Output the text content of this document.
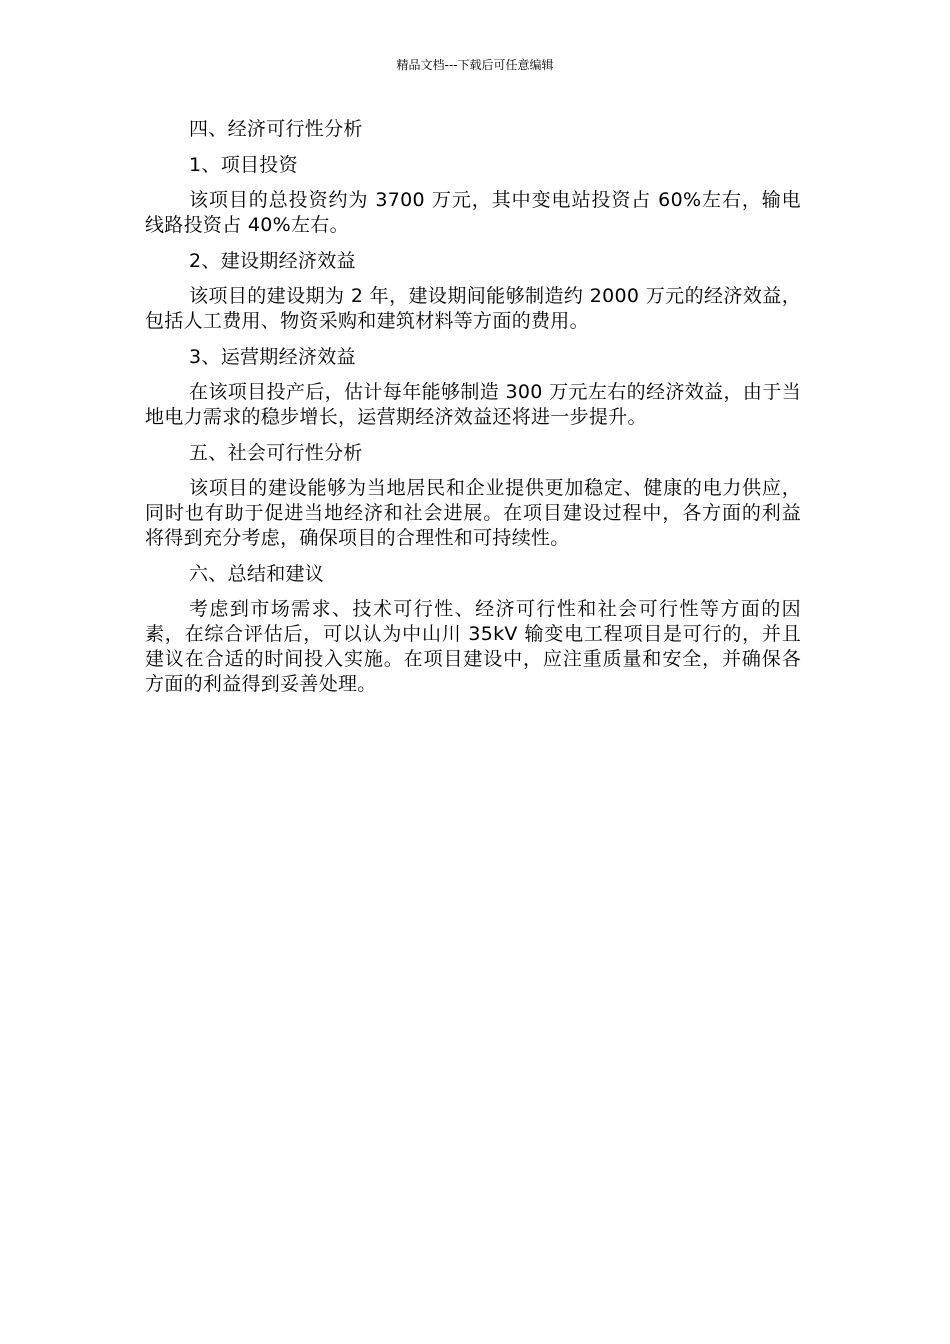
精品文档---下载后可任意编辑

四、经济可行性分析

1、项目投资

该项目的总投资约为 3700 万元，其中变电站投资占 60%左右，输电线路投资占 40%左右。

2、建设期经济效益

该项目的建设期为 2 年，建设期间能够制造约 2000 万元的经济效益，包括人工费用、物资采购和建筑材料等方面的费用。

3、运营期经济效益

在该项目投产后，估计每年能够制造 300 万元左右的经济效益，由于当地电力需求的稳步增长，运营期经济效益还将进一步提升。

五、社会可行性分析

该项目的建设能够为当地居民和企业提供更加稳定、健康的电力供应，同时也有助于促进当地经济和社会进展。在项目建设过程中，各方面的利益将得到充分考虑，确保项目的合理性和可持续性。

六、总结和建议

考虑到市场需求、技术可行性、经济可行性和社会可行性等方面的因素，在综合评估后，可以认为中山川 35kV 输变电工程项目是可行的，并且建议在合适的时间投入实施。在项目建设中，应注重质量和安全，并确保各方面的利益得到妥善处理。
